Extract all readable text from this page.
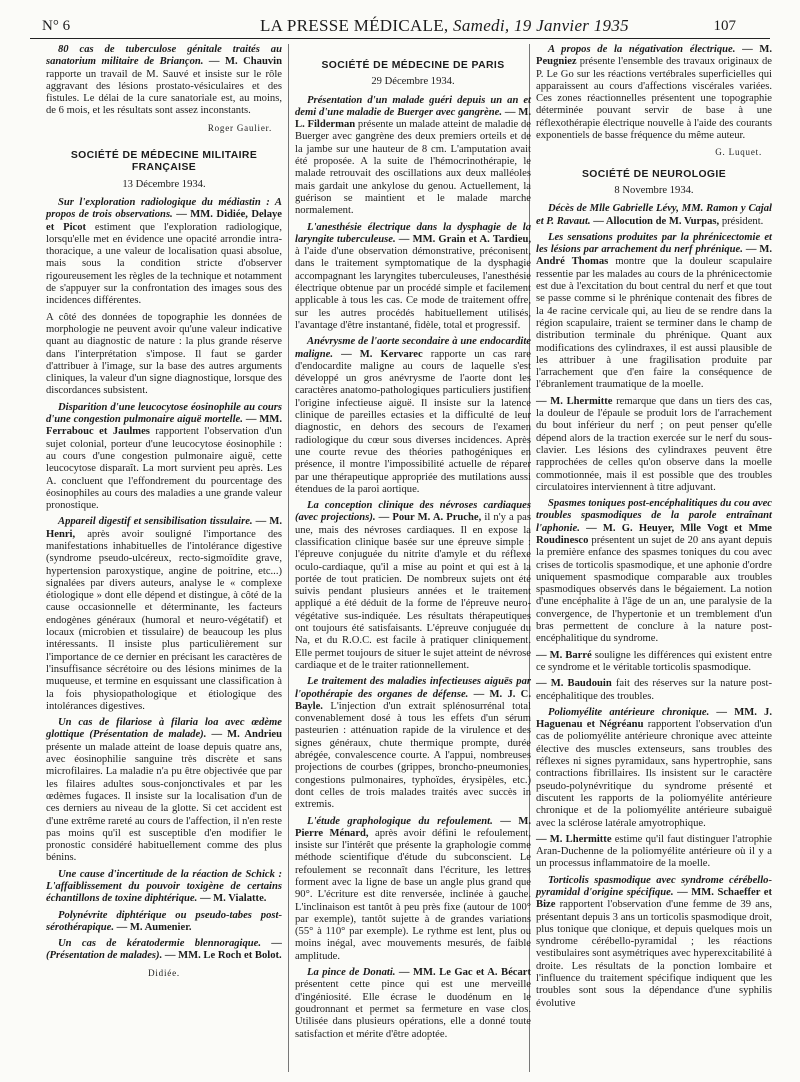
N° 6	LA PRESSE MÉDICALE, Samedi, 19 Janvier 1935	107

80 cas de tuberculose génitale traités au sanatorium militaire de Briançon. — M. Chauvin rapporte un travail de M. Sauvé et insiste sur le rôle aggravant des lésions prostato-vésiculaires et des fistules. Le délai de la cure sanatoriale est, au moins, de 6 mois, et les résultats sont assez inconstants.

Roger Gaulier.
SOCIÉTÉ DE MÉDECINE MILITAIRE FRANÇAISE
13 Décembre 1934.

Sur l'exploration radiologique du médiastin : A propos de trois observations. — MM. Didiée, Delaye et Picot estiment que l'exploration radiologique, lorsqu'elle met en évidence une opacité arrondie intra-thoracique, a une valeur de localisation quasi absolue, mais sous la condition stricte d'observer rigoureusement les règles de la technique et notamment de s'appuyer sur la confrontation des images sous des incidences différentes.

A côté des données de topographie les données de morphologie ne peuvent avoir qu'une valeur indicative quant au diagnostic de nature : la plus grande réserve dans l'interprétation s'impose. Il faut se garder d'attribuer à l'image, sur la base des autres arguments cliniques, la valeur d'un signe diagnostique, lorsque des discordances subsistent.

Disparition d'une leucocytose éosinophile au cours d'une congestion pulmonaire aiguë mortelle. — MM. Ferrabouc et Jaulmes rapportent l'observation d'un sujet colonial, porteur d'une leucocytose éosinophile : au cours d'une congestion pulmonaire aiguë, cette leucocytose disparaît. La mort survient peu après. Les A. concluent que l'effondrement du pourcentage des éosinophiles au cours des maladies a une grande valeur pronostique.

Appareil digestif et sensibilisation tissulaire. — M. Henri, après avoir souligné l'importance des manifestations inhabituelles de l'intolérance digestive (syndrome pseudo-ulcéreux, recto-sigmoïdite grave, hypertension paroxystique, angine de poitrine, etc...) signalées par divers auteurs, analyse le « complexe étiologique » dont elle dépend et distingue, à côté de la cause occasionnelle et déterminante, les facteurs endogènes généraux (humoral et neuro-végétatif) et locaux (microbien et tissulaire) de beaucoup les plus intéressants. Il insiste plus particulièrement sur l'importance de ce dernier en précisant les caractères de l'insuffisance sécrétoire ou des lésions minimes de la muqueuse, et termine en esquissant une classification à la fois physiopathologique et étiologique des intolérances digestives.

Un cas de filariose à filaria loa avec œdème glottique (Présentation de malade). — M. Andrieu présente un malade atteint de loase depuis quatre ans, avec éosinophilie sanguine très discrète et sans microfilaires. La maladie n'a pu être objectivée que par les filaires adultes sous-conjonctivales et par les œdèmes fugaces. Il insiste sur la localisation d'un de ces derniers au niveau de la glotte. Si cet accident est d'une extrême rareté au cours de l'affection, il n'en reste pas moins qu'il est susceptible d'en modifier le pronostic considéré habituellement comme des plus bénins.

Une cause d'incertitude de la réaction de Schick : L'affaiblissement du pouvoir toxigène de certains échantillons de toxine diphtérique. — M. Vialatte.

Polynévrite diphtérique ou pseudo-tabes post-sérothérapique. — M. Aumenier.

Un cas de kératodermie blennoragique. — (Présentation de malades). — MM. Le Roch et Bolot.

Didiée.
SOCIÉTÉ DE MÉDECINE DE PARIS
29 Décembre 1934.

Présentation d'un malade guéri depuis un an et demi d'une maladie de Buerger avec gangrène. — M. L. Filderman présente un malade atteint de maladie de Buerger avec gangrène des deux premiers orteils et de la jambe sur une hauteur de 8 cm. L'amputation avait été proposée. A la suite de l'hémocrinothérapie, le malade retrouvait des oscillations aux deux malléoles mais gardait une ankylose du genou. Actuellement, la guérison se maintient et le malade marche normalement.

L'anesthésie électrique dans la dysphagie de la laryngite tuberculeuse. — MM. Grain et A. Tardieu, à l'aide d'une observation démonstrative, préconisent, dans le traitement symptomatique de la dysphagie accompagnant les laryngites tuberculeuses, l'anesthésie électrique obtenue par un procédé simple et facilement applicable à tous les cas. Ce mode de traitement offre, sur les autres procédés habituellement utilisés, l'avantage d'être instantané, fidèle, total et progressif.

Anévrysme de l'aorte secondaire à une endocardite maligne. — M. Kervarec rapporte un cas rare d'endocardite maligne au cours de laquelle s'est développé un gros anévrysme de l'aorte dont les caractères anatomo-pathologiques particuliers justifient l'origine infectieuse aiguë. Il insiste sur la latence clinique de pareilles ectasies et la difficulté de leur diagnostic, en dehors des secours de l'examen radiologique du cœur sous diverses incidences. Après une courte revue des théories pathogéniques en présence, il montre l'impossibilité actuelle de réparer par une thérapeutique appropriée des mutilations aussi étendues de la paroi aortique.

La conception clinique des névroses cardiaques (avec projections). — Pour M. A. Pruche, il n'y a pas une, mais des névroses cardiaques. Il en expose la classification clinique basée sur une épreuve simple : l'épreuve conjuguée du nitrite d'amyle et du réflexe oculo-cardiaque, qu'il a mise au point et qui est à la portée de tout praticien. De nombreux sujets ont été suivis pendant plusieurs années et le traitement appliqué a été déduit de la forme de l'épreuve neuro-végétative sus-indiquée. Les résultats thérapeutiques ont toujours été satisfaisants. L'épreuve conjuguée du Na, et du R.O.C. est facile à pratiquer cliniquement. Elle permet toujours de situer le sujet atteint de névrose cardiaque et de le traiter rationnellement.

Le traitement des maladies infectieuses aiguës par l'opothérapie des organes de défense. — M. J. C. Bayle. L'injection d'un extrait splénosurrénal total convenablement dosé à tous les effets d'un sérum pasteurien : atténuation rapide de la virulence et des signes généraux, chute thermique prompte, durée abrégée, convalescence courte. A l'appui, nombreuses projections de courbes (grippes, broncho-pneumonies, congestions pulmonaires, typhoïdes, érysipèles, etc.) dont celles de trois malades traités avec succès in extremis.

L'étude graphologique du refoulement. — M. Pierre Ménard, après avoir défini le refoulement, insiste sur l'intérêt que présente la graphologie comme méthode scientifique d'étude du subconscient. Le refoulement se reconnaît dans l'écriture, les lettres forment avec la ligne de base un angle plus grand que 90°. L'écriture est dite renversée, inclinée à gauche. L'inclinaison est tantôt à peu près fixe (autour de 100° par exemple), tantôt sujette à de grandes variations (55° à 110° par exemple). Le rythme est lent, plus ou moins inégal, avec mouvements mesurés, de faible amplitude.

La pince de Donati. — MM. Le Gac et A. Bécart présentent cette pince qui est une merveille d'ingéniosité. Elle écrase le duodénum en le goudronnant et permet sa fermeture en vase clos. Utilisée dans plusieurs opérations, elle a donné toute satisfaction et mérite d'être adoptée.

A propos de la négativation électrique. — M. Peugniez présente l'ensemble des travaux originaux de P. Le Go sur les réactions vertébrales superficielles qui apparaissent au cours d'affections viscérales variées. Ces zones réactionnelles présentent une topographie déterminée pouvant servir de base à une réflexothérapie électrique nouvelle à l'aide des courants exponentiels de basse fréquence du même auteur.

G. Luquet.
SOCIÉTÉ DE NEUROLOGIE
8 Novembre 1934.

Décès de Mlle Gabrielle Lévy, MM. Ramon y Cajal et P. Ravaut. — Allocution de M. Vurpas, président.

Les sensations produites par la phrénicectomie et les lésions par arrachement du nerf phrénique. — M. André Thomas montre que la douleur scapulaire ressentie par les malades au cours de la phrénicectomie est due à l'excitation du bout central du nerf et que tout se passe comme si le phrénique contenait des fibres de la 4e racine cervicale qui, au lieu de se rendre dans la région scapulaire, traient se terminer dans le champ de distribution terminale du phrénique. Quant aux modifications des cylindraxes, il est aussi plausible de les attribuer à une fragilisation produite par l'arrachement que d'en faire la conséquence de l'ébranlement traumatique de la moelle.

— M. Lhermitte remarque que dans un tiers des cas, la douleur de l'épaule se produit lors de l'arrachement du bout inférieur du nerf ; on peut penser qu'elle dépend alors de la traction exercée sur le nerf du sous-clavier. Les lésions des cylindraxes peuvent être rapprochées de celles qu'on observe dans la moelle commotionnée, mais il est possible que des troubles circulatoires interviennent à titre adjuvant.

Spasmes toniques post-encéphalitiques du cou avec troubles spasmodiques de la parole entraînant l'aphonie. — M. G. Heuyer, Mlle Vogt et Mme Roudinesco présentent un sujet de 20 ans ayant depuis la première enfance des spasmes toniques du cou avec crises de torticolis spasmodique, et une aphonie d'ordre uniquement spasmodique comparable aux troubles spasmodiques observés dans le bégaiement. La notion d'une encéphalite à l'âge de un an, une paralysie de la convergence, de l'hypertonie et un tremblement d'un bras permettent de conclure à la nature post-encéphalitique du syndrome.

— M. Barré souligne les différences qui existent entre ce syndrome et le véritable torticolis spasmodique.

— M. Baudouin fait des réserves sur la nature post-encéphalitique des troubles.

Poliomyélite antérieure chronique. — MM. J. Haguenau et Négréanu rapportent l'observation d'un cas de poliomyélite antérieure chronique avec atteinte élective des muscles extenseurs, sans troubles des réflexes ni signes pyramidaux, sans hypertrophie, sans contractions fibrillaires. Ils insistent sur le caractère pseudo-polynévritique du syndrome présenté et discutent les rapports de la poliomyélite antérieure chronique et de la poliomyélite antérieure subaiguë avec la sclérose latérale amyotrophique.

— M. Lhermitte estime qu'il faut distinguer l'atrophie Aran-Duchenne de la poliomyélite antérieure où il y a un processus inflammatoire de la moelle.

Torticolis spasmodique avec syndrome cérébello-pyramidal d'origine spécifique. — MM. Schaeffer et Bize rapportent l'observation d'une femme de 39 ans, présentant depuis 3 ans un torticolis spasmodique droit, plus tonique que clonique, et depuis quelques mois un syndrome cérébello-pyramidal ; les réactions vestibulaires sont asymétriques avec hyperexcitabilité à droite. Les résultats de la ponction lombaire et l'influence du traitement spécifique indiquent que les troubles sont sous la dépendance d'une syphilis évolutive
